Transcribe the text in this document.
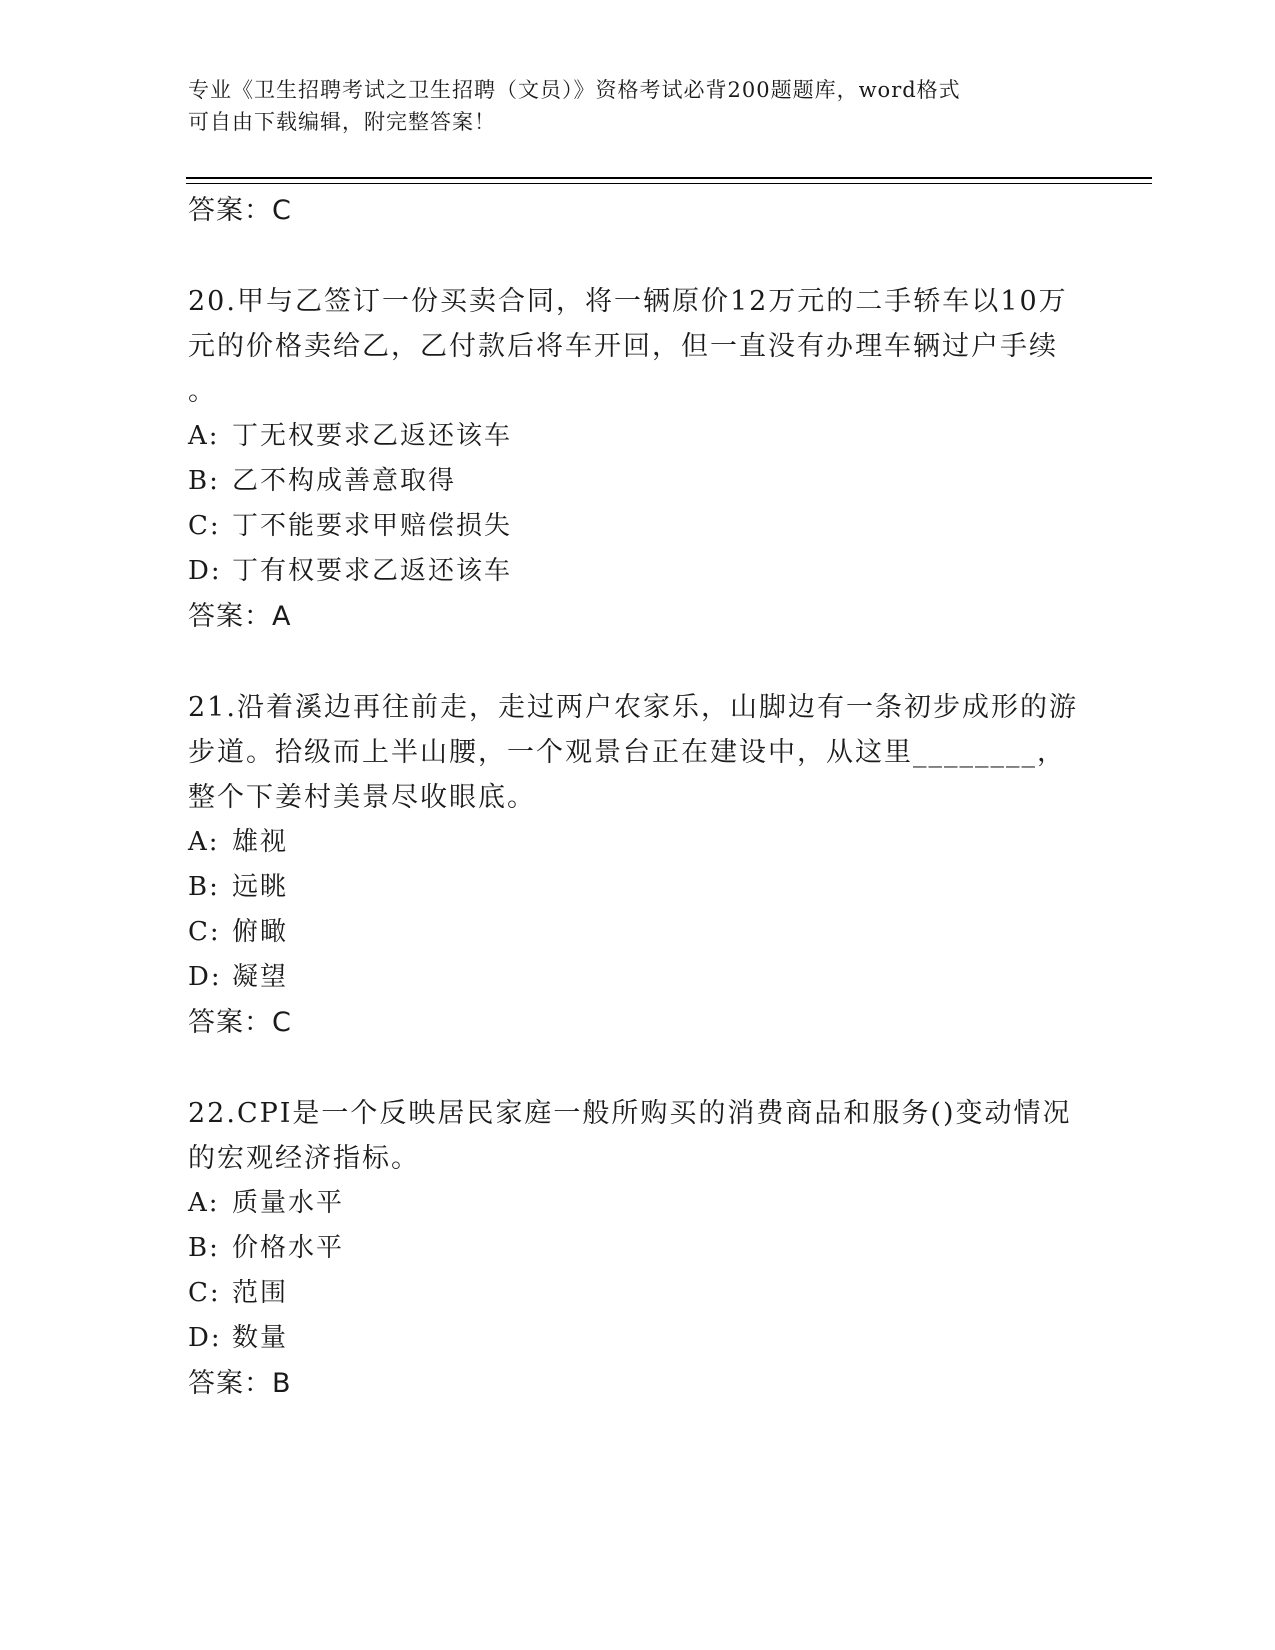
专业《卫生招聘考试之卫生招聘（文员）》资格考试必背200题题库，word格式
可自由下载编辑，附完整答案！
答案：C
20.甲与乙签订一份买卖合同，将一辆原价12万元的二手轿车以10万
元的价格卖给乙，乙付款后将车开回，但一直没有办理车辆过户手续
。
A: 丁无权要求乙返还该车
B: 乙不构成善意取得
C: 丁不能要求甲赔偿损失
D: 丁有权要求乙返还该车
答案：A
21.沿着溪边再往前走，走过两户农家乐，山脚边有一条初步成形的游
步道。拾级而上半山腰，一个观景台正在建设中，从这里________，
整个下姜村美景尽收眼底。
A: 雄视
B: 远眺
C: 俯瞰
D: 凝望
答案：C
22.CPI是一个反映居民家庭一般所购买的消费商品和服务()变动情况
的宏观经济指标。
A: 质量水平
B: 价格水平
C: 范围
D: 数量
答案：B
